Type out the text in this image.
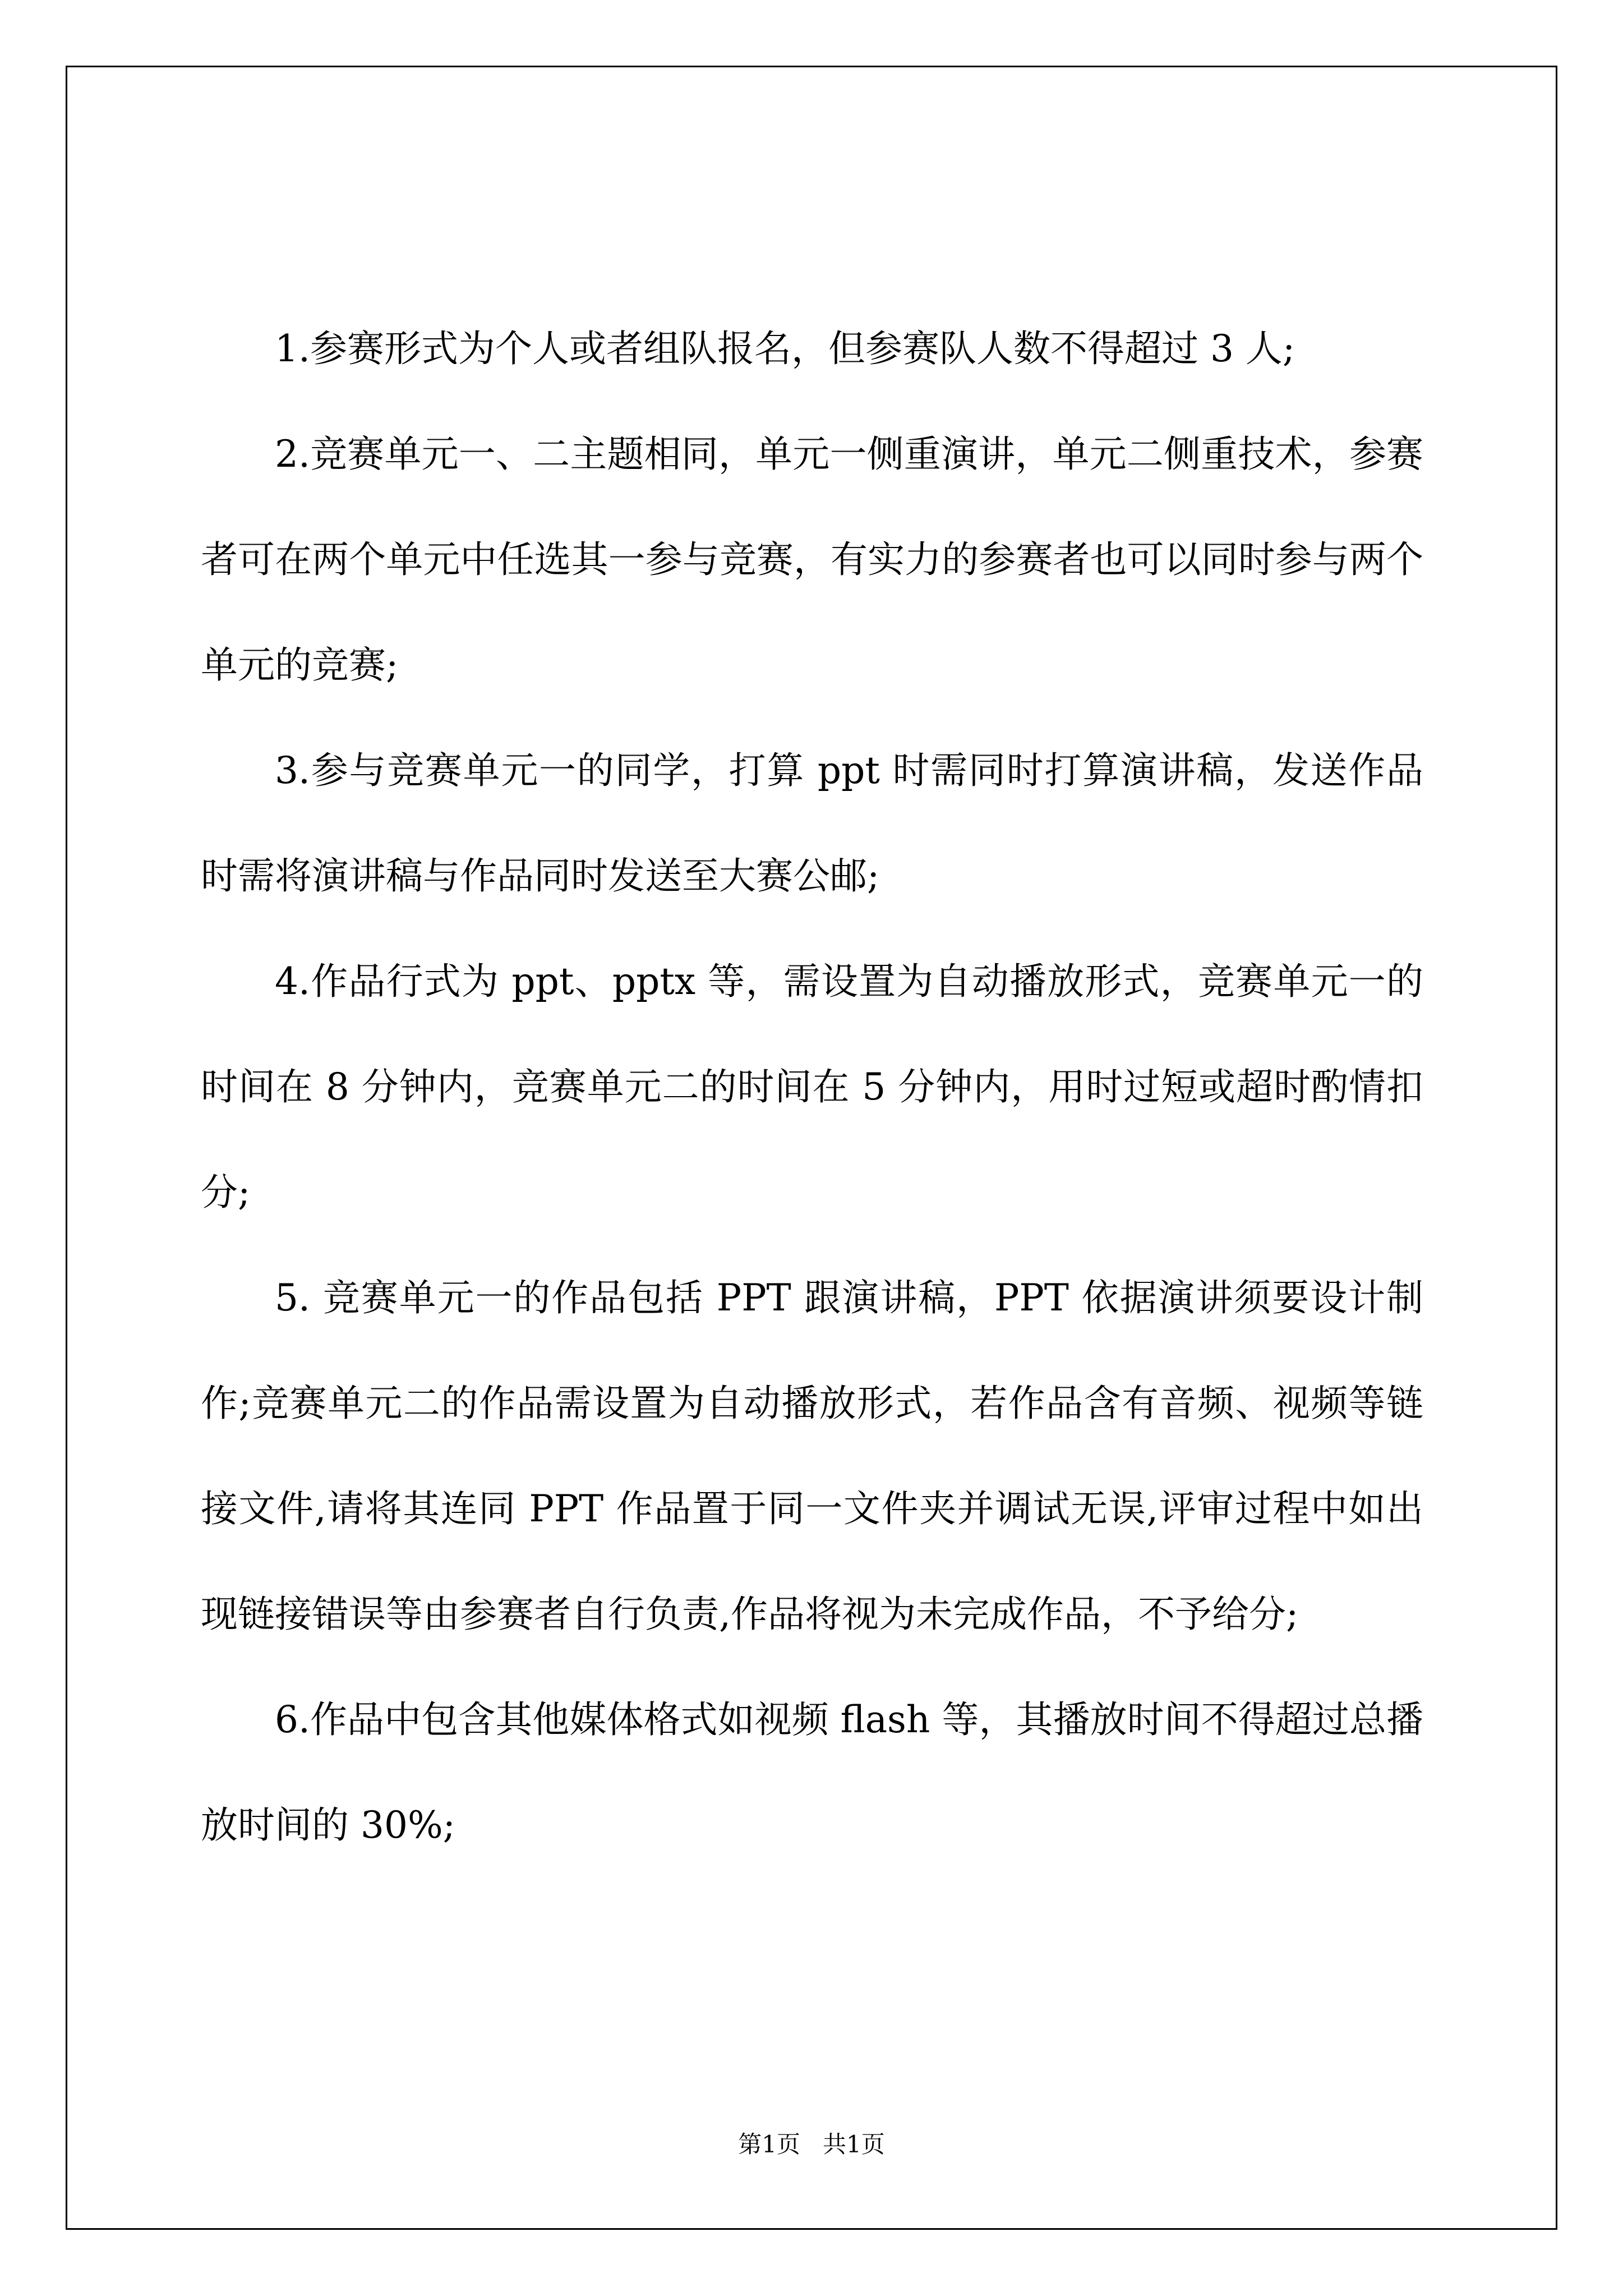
1.参赛形式为个人或者组队报名，但参赛队人数不得超过 3 人;

2.竞赛单元一、二主题相同，单元一侧重演讲，单元二侧重技术，参赛者可在两个单元中任选其一参与竞赛，有实力的参赛者也可以同时参与两个单元的竞赛;

3.参与竞赛单元一的同学，打算 ppt 时需同时打算演讲稿，发送作品时需将演讲稿与作品同时发送至大赛公邮;

4.作品行式为 ppt、pptx 等，需设置为自动播放形式，竞赛单元一的时间在 8 分钟内，竞赛单元二的时间在 5 分钟内，用时过短或超时酌情扣分;

5. 竞赛单元一的作品包括 PPT 跟演讲稿，PPT 依据演讲须要设计制作;竞赛单元二的作品需设置为自动播放形式，若作品含有音频、视频等链接文件,请将其连同 PPT 作品置于同一文件夹并调试无误,评审过程中如出现链接错误等由参赛者自行负责,作品将视为未完成作品，不予给分;

6.作品中包含其他媒体格式如视频 flash 等，其播放时间不得超过总播放时间的 30%;

第1页   共1页
